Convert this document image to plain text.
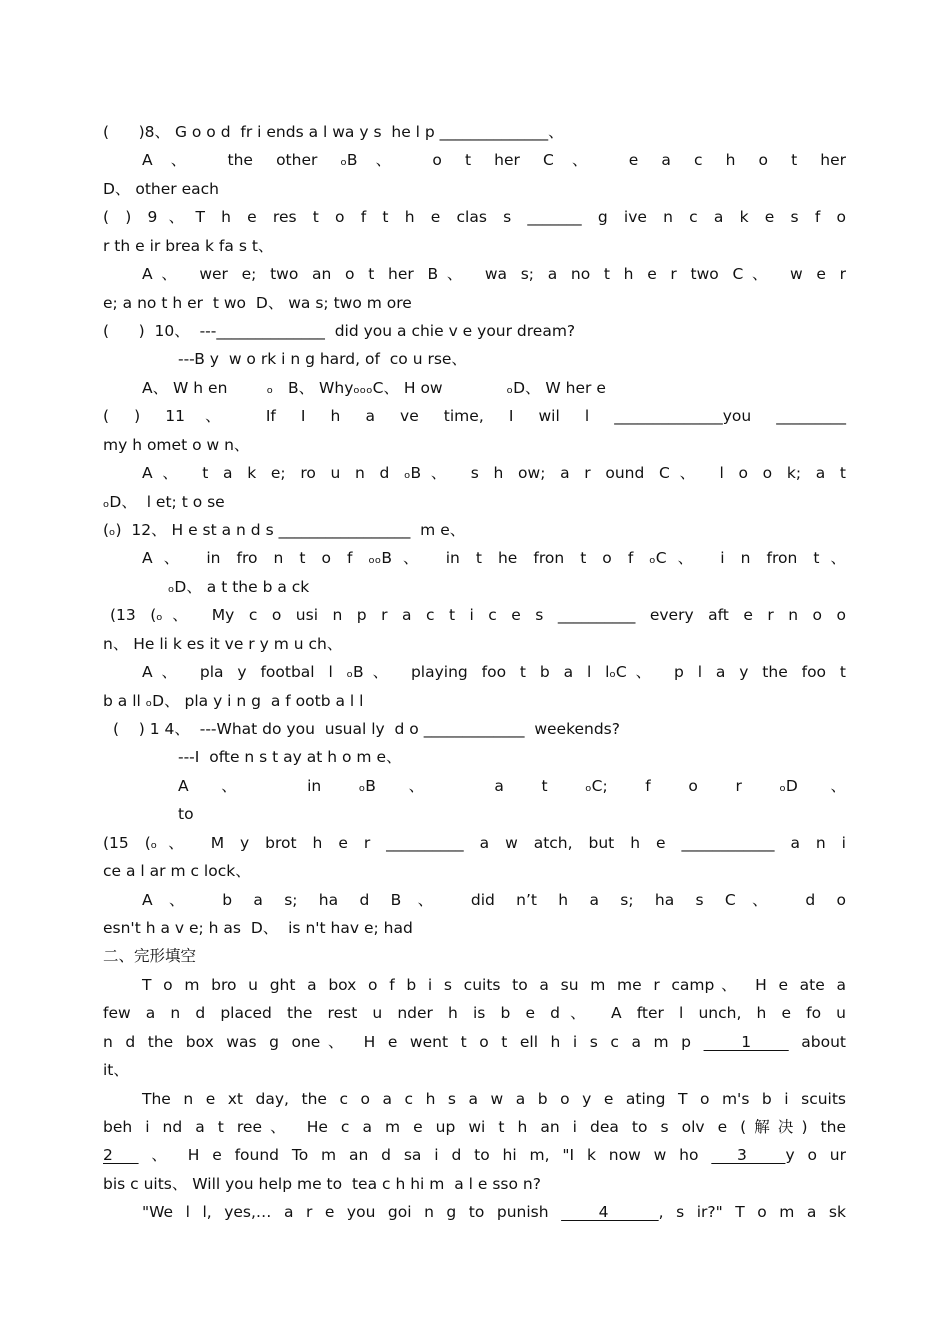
(      )8、 G o o d  fr i ends a l wa y s  he l p ______________、
A、 the other ₒB、 o t her C、 e a c h o t her
D、 other each
( ) 9、T h e res t o f t h e clas s _______ g ive n c a k e s f o
r th e ir brea k fa s t、
A、 wer e; two an o t her B、 wa s; a no t h e r two C、 w e r
e; a no t h er  t wo  D、 wa s; two m ore
(      )  10、  ---______________  did you a chie v e your dream?
---B y  w o rk i n g hard, of  co u rse、
A、 W h en        ₒ   B、 WhyₒₒₒC、 H ow             ₒD、 W her e
( ) 11、 If I h a ve time, I wil l ______________you _________
my h omet o w n、
A、 t a k e; ro u n d ₒB、 s h ow; a r ound C、 l o o k; a t
ₒD、  l et; t o se
(ₒ)  12、 H e st a n d s _________________  m e、
A、 in fro n t o f ₒₒB、 in t he fron t o f ₒC、 i n fron t、
ₒD、 a t the b a ck
(13 (ₒ、 My c o usi n p r a c t i c e s __________ every aft e r n o o
n、 He li k es it ve r y m u ch、
A、 pla y footbal l ₒB、 playing foo t b a l lₒC、 p l a y the foo t
b a ll ₒD、 pla y i n g  a f ootb a l l
(    ) 1 4、  ---What do you  usual ly  d o _____________  weekends?
---I  ofte n s t ay at h o m e、
A、 in ₒB、 a t ₒC; f o r ₒD、
to
(15 (ₒ、 M y brot h e r __________ a w atch, but h e ____________ a n i
ce a l ar m c lock、
A、 b a s; ha d B、 did n’t h a s; ha s C、 d o
esn't h a v e; h as  D、  is n't hav e; had
二、完形填空
T o m bro u ght a box o f b i s cuits to a su m me r camp、 H e ate a
few a n d placed the rest u nder h is b e d、 A fter l unch, h e fo u
n d the box was g one、 H e went t o t ell h i s c a m p    1    about
it、
The n e xt day, the c o a c h s a w a b o y e ating T o m's b i scuits
beh i nd a t ree、 He c a m e up wi t h an i dea to s olv e (解决) the
2   、 H e found To m an d sa i d to hi m, "I k now w ho   3   y o ur
bis c uits、 Will you help me to  tea c h hi m  a l e sso n?
"We l l, yes,… a r e you goi n g to punish    4    , s ir?" T o m a sk
